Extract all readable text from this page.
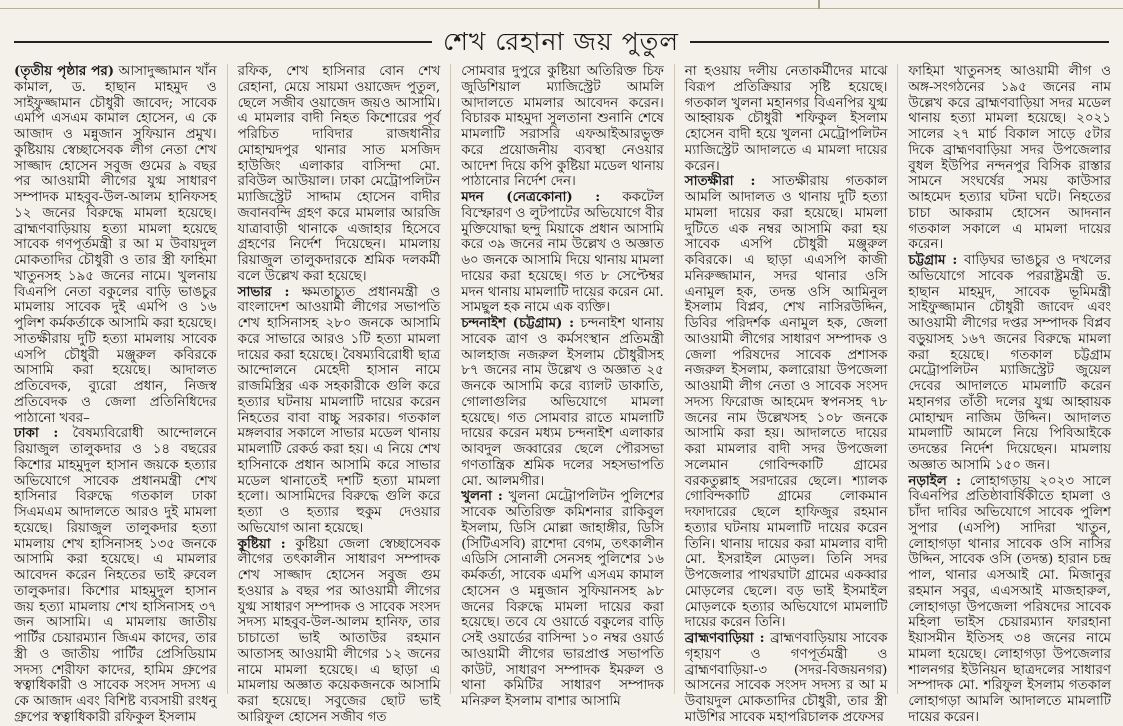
শেখ রেহানা জয় পুতুল

(তৃতীয় পৃষ্ঠার পর) আসাদুজ্জামান খাঁন কামাল, ড. হাছান মাহমুদ ও সাইফুজ্জামান চৌধুরী জাবেদ; সাবেক এমপি এসএম কামাল হোসেন, এ কে আজাদ ও মন্নুজান সুফিয়ান প্রমুখ। কুষ্টিয়ায় স্বেচ্ছাসেবক লীগ নেতা শেখ সাজ্জাদ হোসেন সবুজ গুমের ৯ বছর পর আওয়ামী লীগের যুগ্ম সাধারণ সম্পাদক মাহবুব-উল-আলম হানিফসহ ১২ জনের বিরুদ্ধে মামলা হয়েছে। ব্রাহ্মণবাড়িয়ায় হত্যা মামলা হয়েছে সাবেক গণপূর্তমন্ত্রী র আ ম উবায়দুল মোকতাদির চৌধুরী ও তার স্ত্রী ফাহিমা খাতুনসহ ১৯৫ জনের নামে। খুলনায় বিএনপি নেতা বকুলের বাড়ি ভাঙচুর মামলায় সাবেক দুই এমপি ও ১৬ পুলিশ কর্মকর্তাকে আসামি করা হয়েছে। সাতক্ষীরায় দুটি হত্যা মামলায় সাবেক এসপি চৌধুরী মঞ্জুরুল কবিরকে আসামি করা হয়েছে। আদালত প্রতিবেদক, ব্যুরো প্রধান, নিজস্ব প্রতিবেদক ও জেলা প্রতিনিধিদের পাঠানো খবর–

ঢাকা : বৈষম্যবিরোধী আন্দোলনে রিয়াজুল তালুকদার ও ১৪ বছরের কিশোর মাহমুদুল হাসান জয়কে হত্যার অভিযোগে সাবেক প্রধানমন্ত্রী শেখ হাসিনার বিরুদ্ধে গতকাল ঢাকা সিএমএম আদালতে আরও দুই মামলা হয়েছে। রিয়াজুল তালুকদার হত্যা মামলায় শেখ হাসিনাসহ ১৩৫ জনকে আসামি করা হয়েছে। এ মামলার আবেদন করেন নিহতের ভাই রুবেল তালুকদার। কিশোর মাহমুদুল হাসান জয় হত্যা মামলায় শেখ হাসিনাসহ ৩৭ জন আসামি। এ মামলায় জাতীয় পার্টির চেয়ারম্যান জিএম কাদের, তার স্ত্রী ও জাতীয় পার্টির প্রেসিডিয়াম সদস্য শেরীফা কাদের, হামিম গ্রুপের স্বত্বাধিকারী ও সাবেক সংসদ সদস্য এ কে আজাদ এবং বিশিষ্ট ব্যবসায়ী রংধনু গ্রুপের স্বত্বাধিকারী রফিকুল ইসলাম

রফিক, শেখ হাসিনার বোন শেখ রেহানা, মেয়ে সায়মা ওয়াজেদ পুতুল, ছেলে সজীব ওয়াজেদ জয়ও আসামি। এ মামলার বাদী নিহত কিশোরের পূর্ব পরিচিত দাবিদার রাজধানীর মোহাম্মদপুর থানার সাত মসজিদ হাউজিং এলাকার বাসিন্দা মো. রবিউল আউয়াল। ঢাকা মেট্রোপলিটন ম্যাজিস্ট্রেট সাদ্দাম হোসেন বাদীর জবানবন্দি গ্রহণ করে মামলার আরজি যাত্রাবাড়ী থানাকে এজাহার হিসেবে গ্রহণের নির্দেশ দিয়েছেন। মামলায় রিয়াজুল তালুকদারকে শ্রমিক দলকর্মী বলে উল্লেখ করা হয়েছে।

সাভার : ক্ষমতাচ্যুত প্রধানমন্ত্রী ও বাংলাদেশ আওয়ামী লীগের সভাপতি শেখ হাসিনাসহ ২৮০ জনকে আসামি করে সাভারে আরও ১টি হত্যা মামলা দায়ের করা হয়েছে। বৈষম্যবিরোধী ছাত্র আন্দোলনে মেহেদী হাসান নামে রাজমিস্ত্রির এক সহকারীকে গুলি করে হত্যার ঘটনায় মামলাটি দায়ের করেন নিহতের বাবা বাচ্চু সরকার। গতকাল মঙ্গলবার সকালে সাভার মডেল থানায় মামলাটি রেকর্ড করা হয়। এ নিয়ে শেখ হাসিনাকে প্রধান আসামি করে সাভার মডেল থানাতেই দশটি হত্যা মামলা হলো। আসামিদের বিরুদ্ধে গুলি করে হত্যা ও হত্যার হুকুম দেওয়ার অভিযোগ আনা হয়েছে।

কুষ্টিয়া : কুষ্টিয়া জেলা স্বেচ্ছাসেবক লীগের তৎকালীন সাধারণ সম্পাদক শেখ সাজ্জাদ হোসেন সবুজ গুম হওয়ার ৯ বছর পর আওয়ামী লীগের যুগ্ম সাধারণ সম্পাদক ও সাবেক সংসদ সদস্য মাহবুব-উল-আলম হানিফ, তার চাচাতো ভাই আতাউর রহমান আতাসহ আওয়ামী লীগের ১২ জনের নামে মামলা হয়েছে। এ ছাড়া এ মামলায় অজ্ঞাত কয়েকজনকে আসামি করা হয়েছে। সবুজের ছোট ভাই আরিফুল হোসেন সজীব গত

সোমবার দুপুরে কুষ্টিয়া অতিরিক্ত চিফ জুডিশিয়াল ম্যাজিস্ট্রেট আমলি আদালতে মামলার আবেদন করেন। বিচারক মাহমুদা সুলতানা শুনানি শেষে মামলাটি সরাসরি এফআইআরভুক্ত করে প্রয়োজনীয় ব্যবস্থা নেওয়ার আদেশ দিয়ে কপি কুষ্টিয়া মডেল থানায় পাঠানোর নির্দেশ দেন।

মদন (নেত্রকোনা) : ককটেল বিস্ফোরণ ও লুটপাটের অভিযোগে বীর মুক্তিযোদ্ধা ছন্দু মিয়াকে প্রধান আসামি করে ৩৯ জনের নাম উল্লেখ ও অজ্ঞাত ৬০ জনকে আসামি দিয়ে থানায় মামলা দায়ের করা হয়েছে। গত ৮ সেপ্টেম্বর মদন থানায় মামলাটি দায়ের করেন মো. সামছুল হক নামে এক ব্যক্তি।

চন্দনাইশ (চট্টগ্রাম) : চন্দনাইশ থানায় সাবেক ত্রাণ ও কর্মসংস্থান প্রতিমন্ত্রী আলহাজ নজরুল ইসলাম চৌধুরীসহ ৮৭ জনের নাম উল্লেখ ও অজ্ঞাত ২৫ জনকে আসামি করে ব্যালট ডাকাতি, গোলাগুলির অভিযোগে মামলা হয়েছে। গত সোমবার রাতে মামলাটি দায়ের করেন মধ্যম চন্দনাইশ এলাকার আবদুল জব্বারের ছেলে পৌরসভা গণতান্ত্রিক শ্রমিক দলের সহসভাপতি মো. আলমগীর।

খুলনা : খুলনা মেট্রোপলিটন পুলিশের সাবেক অতিরিক্ত কমিশনার রাকিবুল ইসলাম, ডিসি মোল্লা জাহাঙ্গীর, ডিসি (সিটিএসবি) রাশেদা বেগম, তৎকালীন এডিসি সোনালী সেনসহ পুলিশের ১৬ কর্মকর্তা, সাবেক এমপি এসএম কামাল হোসেন ও মন্নুজান সুফিয়ানসহ ৯৮ জনের বিরুদ্ধে মামলা দায়ের করা হয়েছে। তবে যে ওয়ার্ডে বকুলের বাড়ি সেই ওয়ার্ডের বাসিন্দা ১০ নম্বর ওয়ার্ড আওয়ামী লীগের ভারপ্রাপ্ত সভাপতি কাউট, সাধারণ সম্পাদক ইমরুল ও থানা কমিটির সাধারণ সম্পাদক মনিরুল ইসলাম বাশার আসামি

না হওয়ায় দলীয় নেতাকর্মীদের মাঝে বিরূপ প্রতিক্রিয়ার সৃষ্টি হয়েছে। গতকাল খুলনা মহানগর বিএনপির যুগ্ম আহ্বায়ক চৌধুরী শফিকুল ইসলাম হোসেন বাদী হয়ে খুলনা মেট্রোপলিটন ম্যাজিস্ট্রেট আদালতে এ মামলা দায়ের করেন।

সাতক্ষীরা : সাতক্ষীরায় গতকাল আমলি আদালত ও থানায় দুটি হত্যা মামলা দায়ের করা হয়েছে। মামলা দুটিতে এক নম্বর আসামি করা হয় সাবেক এসপি চৌধুরী মঞ্জুরুল কবিরকে। এ ছাড়া এএসপি কাজী মনিরুজ্জামান, সদর থানার ওসি এনামুল হক, তদন্ত ওসি আমিনুল ইসলাম বিপ্লব, শেখ নাসিরউদ্দিন, ডিবির পরিদর্শক এনামুল হক, জেলা আওয়ামী লীগের সাধারণ সম্পাদক ও জেলা পরিষদের সাবেক প্রশাসক নজরুল ইসলাম, কলারোয়া উপজেলা আওয়ামী লীগ নেতা ও সাবেক সংসদ সদস্য ফিরোজ আহমেদ স্বপনসহ ৭৮ জনের নাম উল্লেখসহ ১০৮ জনকে আসামি করা হয়। আদালতে দায়ের করা মামলার বাদী সদর উপজেলা সলেমান গোবিন্দকাটি গ্রামের বরকতুল্লাহ সরদারের ছেলে। শ্যালক গোবিন্দকাটি গ্রামের লোকমান দফাদারের ছেলে হাফিজুর রহমান হত্যার ঘটনায় মামলাটি দায়ের করেন তিনি। থানায় দায়ের করা মামলার বাদী মো. ইসরাইল মোড়ল। তিনি সদর উপজেলার পাথরঘাটা গ্রামের একব্বার মোড়লের ছেলে। বড় ভাই ইসমাইল মোড়লকে হত্যার অভিযোগে মামলাটি দায়ের করেন তিনি।

ব্রাহ্মণবাড়িয়া : ব্রাহ্মণবাড়িয়ায় সাবেক গৃহায়ণ ও গণপূর্তমন্ত্রী ও ব্রাহ্মণবাড়িয়া-৩ (সদর-বিজয়নগর) আসনের সাবেক সংসদ সদস্য র আ ম উবায়দুল মোকতাদির চৌধুরী, তার স্ত্রী মাউশির সাবেক মহাপরিচালক প্রফেসর

ফাহিমা খাতুনসহ আওয়ামী লীগ ও অঙ্গ-সংগঠনের ১৯৫ জনের নাম উল্লেখ করে ব্রাহ্মণবাড়িয়া সদর মডেল থানায় হত্যা মামলা হয়েছে। ২০২১ সালের ২৭ মার্চ বিকাল সাড়ে ৫টার দিকে ব্রাহ্মণবাড়িয়া সদর উপজেলার বুধল ইউপির নন্দনপুর বিসিক রাস্তার সামনে সংঘর্ষের সময় কাউসার আহমেদ হত্যার ঘটনা ঘটে। নিহতের চাচা আকরাম হোসেন আদনান গতকাল সকালে এ মামলা দায়ের করেন।

চট্টগ্রাম : বাড়িঘর ভাঙচুর ও দখলের অভিযোগে সাবেক পররাষ্ট্রমন্ত্রী ড. হাছান মাহমুদ, সাবেক ভূমিমন্ত্রী সাইফুজ্জামান চৌধুরী জাবেদ এবং আওয়ামী লীগের দপ্তর সম্পাদক বিপ্লব বড়ুয়াসহ ১৬৭ জনের বিরুদ্ধে মামলা করা হয়েছে। গতকাল চট্টগ্রাম মেট্রোপলিটন ম্যাজিস্ট্রেট জুয়েল দেবের আদালতে মামলাটি করেন মহানগর তাঁতী দলের যুগ্ম আহ্বায়ক মোহাম্মদ নাজিম উদ্দিন। আদালত মামলাটি আমলে নিয়ে পিবিআইকে তদন্তের নির্দেশ দিয়েছেন। মামলায় অজ্ঞাত আসামি ১৫০ জন।

নড়াইল : লোহাগড়ায় ২০২৩ সালে বিএনপির প্রতিষ্ঠাবার্ষিকীতে হামলা ও চাঁদা দাবির অভিযোগে সাবেক পুলিশ সুপার (এসপি) সাদিরা খাতুন, লোহাগড়া থানার সাবেক ওসি নাসির উদ্দিন, সাবেক ওসি (তদন্ত) হারান চন্দ্র পাল, থানার এসআই মো. মিজানুর রহমান সবুর, এএসআই মাজহারুল, লোহাগড়া উপজেলা পরিষদের সাবেক মহিলা ভাইস চেয়ারম্যান ফারহানা ইয়াসমীন ইতিসহ ৩৪ জনের নামে মামলা হয়েছে। লোহাগড়া উপজেলার শালনগর ইউনিয়ন ছাত্রদলের সাধারণ সম্পাদক মো. শরিফুল ইসলাম গতকাল লোহাগড়া আমলি আদালতে মামলাটি দায়ের করেন।
